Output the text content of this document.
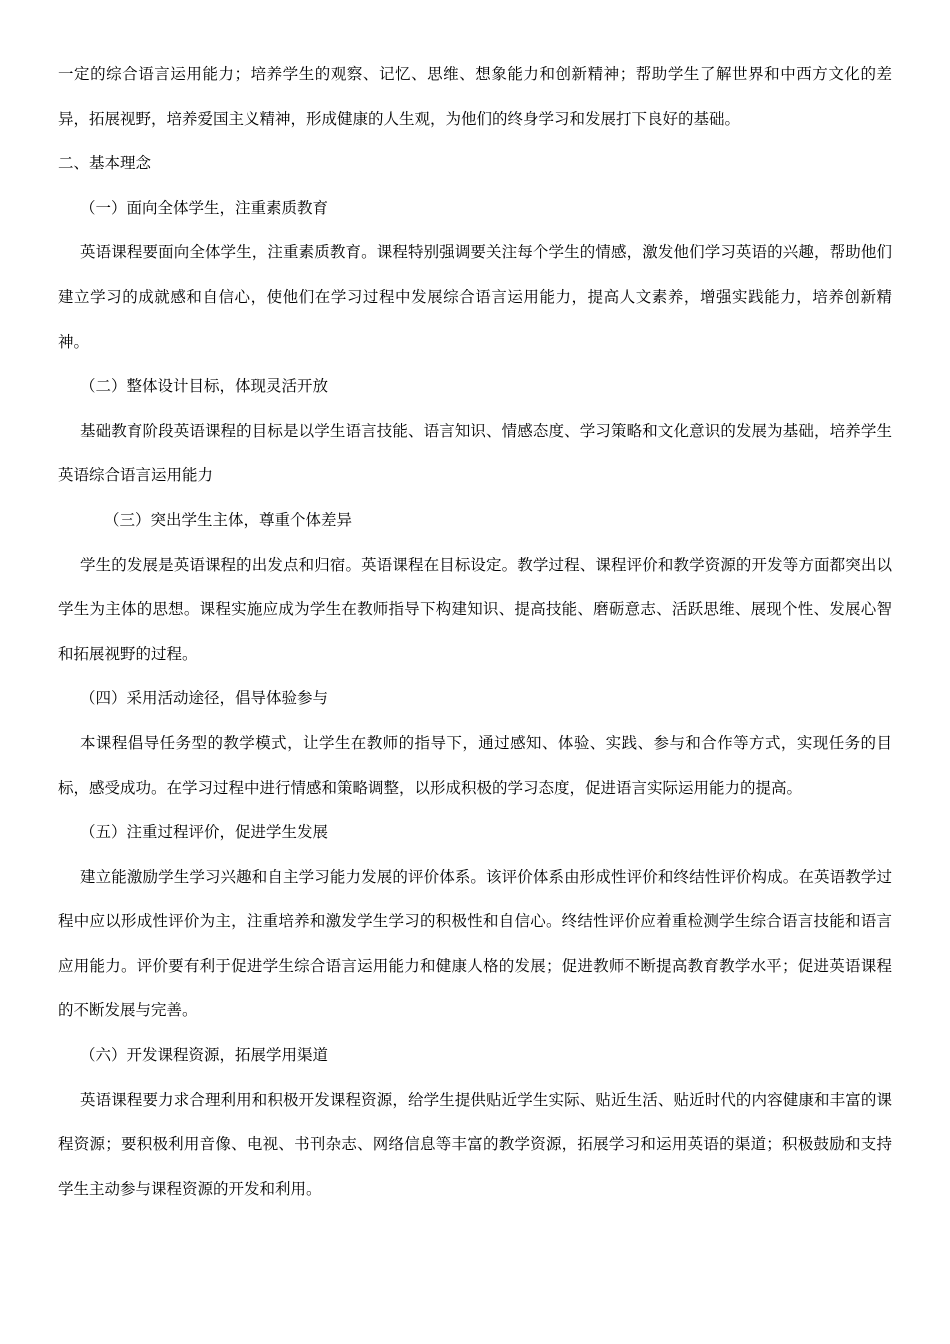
一定的综合语言运用能力；培养学生的观察、记忆、思维、想象能力和创新精神；帮助学生了解世界和中西方文化的差异，拓展视野，培养爱国主义精神，形成健康的人生观，为他们的终身学习和发展打下良好的基础。

二、基本理念

（一）面向全体学生，注重素质教育

英语课程要面向全体学生，注重素质教育。课程特别强调要关注每个学生的情感，激发他们学习英语的兴趣，帮助他们建立学习的成就感和自信心，使他们在学习过程中发展综合语言运用能力，提高人文素养，增强实践能力，培养创新精神。

（二）整体设计目标，体现灵活开放

基础教育阶段英语课程的目标是以学生语言技能、语言知识、情感态度、学习策略和文化意识的发展为基础，培养学生英语综合语言运用能力

（三）突出学生主体，尊重个体差异

学生的发展是英语课程的出发点和归宿。英语课程在目标设定。教学过程、课程评价和教学资源的开发等方面都突出以学生为主体的思想。课程实施应成为学生在教师指导下构建知识、提高技能、磨砺意志、活跃思维、展现个性、发展心智和拓展视野的过程。

（四）采用活动途径，倡导体验参与

本课程倡导任务型的教学模式，让学生在教师的指导下，通过感知、体验、实践、参与和合作等方式，实现任务的目标，感受成功。在学习过程中进行情感和策略调整，以形成积极的学习态度，促进语言实际运用能力的提高。

（五）注重过程评价，促进学生发展

建立能激励学生学习兴趣和自主学习能力发展的评价体系。该评价体系由形成性评价和终结性评价构成。在英语教学过程中应以形成性评价为主，注重培养和激发学生学习的积极性和自信心。终结性评价应着重检测学生综合语言技能和语言应用能力。评价要有利于促进学生综合语言运用能力和健康人格的发展；促进教师不断提高教育教学水平；促进英语课程的不断发展与完善。

（六）开发课程资源，拓展学用渠道

英语课程要力求合理利用和积极开发课程资源，给学生提供贴近学生实际、贴近生活、贴近时代的内容健康和丰富的课程资源；要积极利用音像、电视、书刊杂志、网络信息等丰富的教学资源，拓展学习和运用英语的渠道；积极鼓励和支持学生主动参与课程资源的开发和利用。
